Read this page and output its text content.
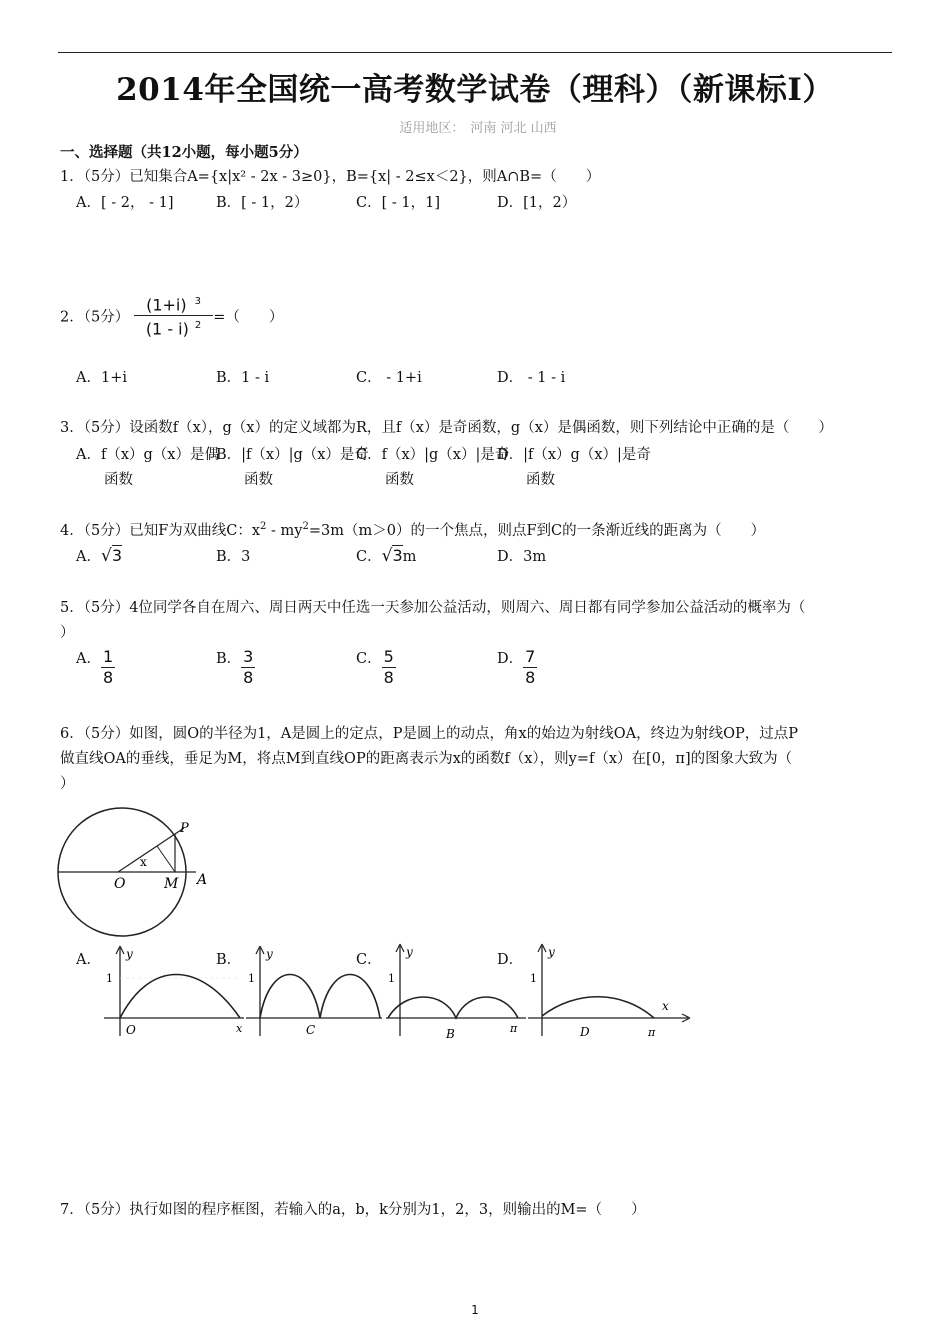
2014年全国统一高考数学试卷（理科）（新课标Ⅰ）
适用地区： 河南 河北 山西
一、选择题（共12小题，每小题5分）
1．（5分）已知集合A={x|x² - 2x - 3≥0}，B={x| - 2≤x＜2}，则A∩B=（　　）
A．[ - 2， - 1]	B．[ - 1，2）	C．[ - 1，1]	D．[1，2）
2．（5分） $\frac{(1+i) ^3}{(1 - i) ^2}$ =（　　）
A．1+i	B．1 - i	C． - 1+i	D． - 1 - i
3．（5分）设函数f（x），g（x）的定义域都为R，且f（x）是奇函数，g（x）是偶函数，则下列结论中正确的是（　　）
A．f（x）g（x）是偶
函数
B．|f（x）|g（x）是奇
函数
C．f（x）|g（x）|是奇
函数
D．|f（x）g（x）|是奇
函数
4．（5分）已知F为双曲线C：$x^2 - my^2=3m(m>0)$的一个焦点，则点F到C的一条渐近线的距离为（　　）
A．√3	B．3	C．√3m	D．3m
5．（5分）4位同学各自在周六、周日两天中任选一天参加公益活动，则周六、周日都有同学参加公益活动的概率为（
）
A． $\frac{1}{8}$	B． $\frac{3}{8}$	C． $\frac{5}{8}$	D． $\frac{7}{8}$
6．（5分）如图，圆O的半径为1，A是圆上的定点，P是圆上的动点，角x的始边为射线OA，终边为射线OP，过点P
做直线OA的垂线，垂足为M，将点M到直线OP的距离表示为x的函数f（x），则y=f（x）在[0，π]的图象大致为（
）
P
x
O	M A
A．	B．	C．	D．
y
1
O	x
y
1
C
y
1
B	π
y
1
D	π
x
7．（5分）执行如图的程序框图，若输入的a，b，k分别为1，2，3，则输出的M=（　　）
1
